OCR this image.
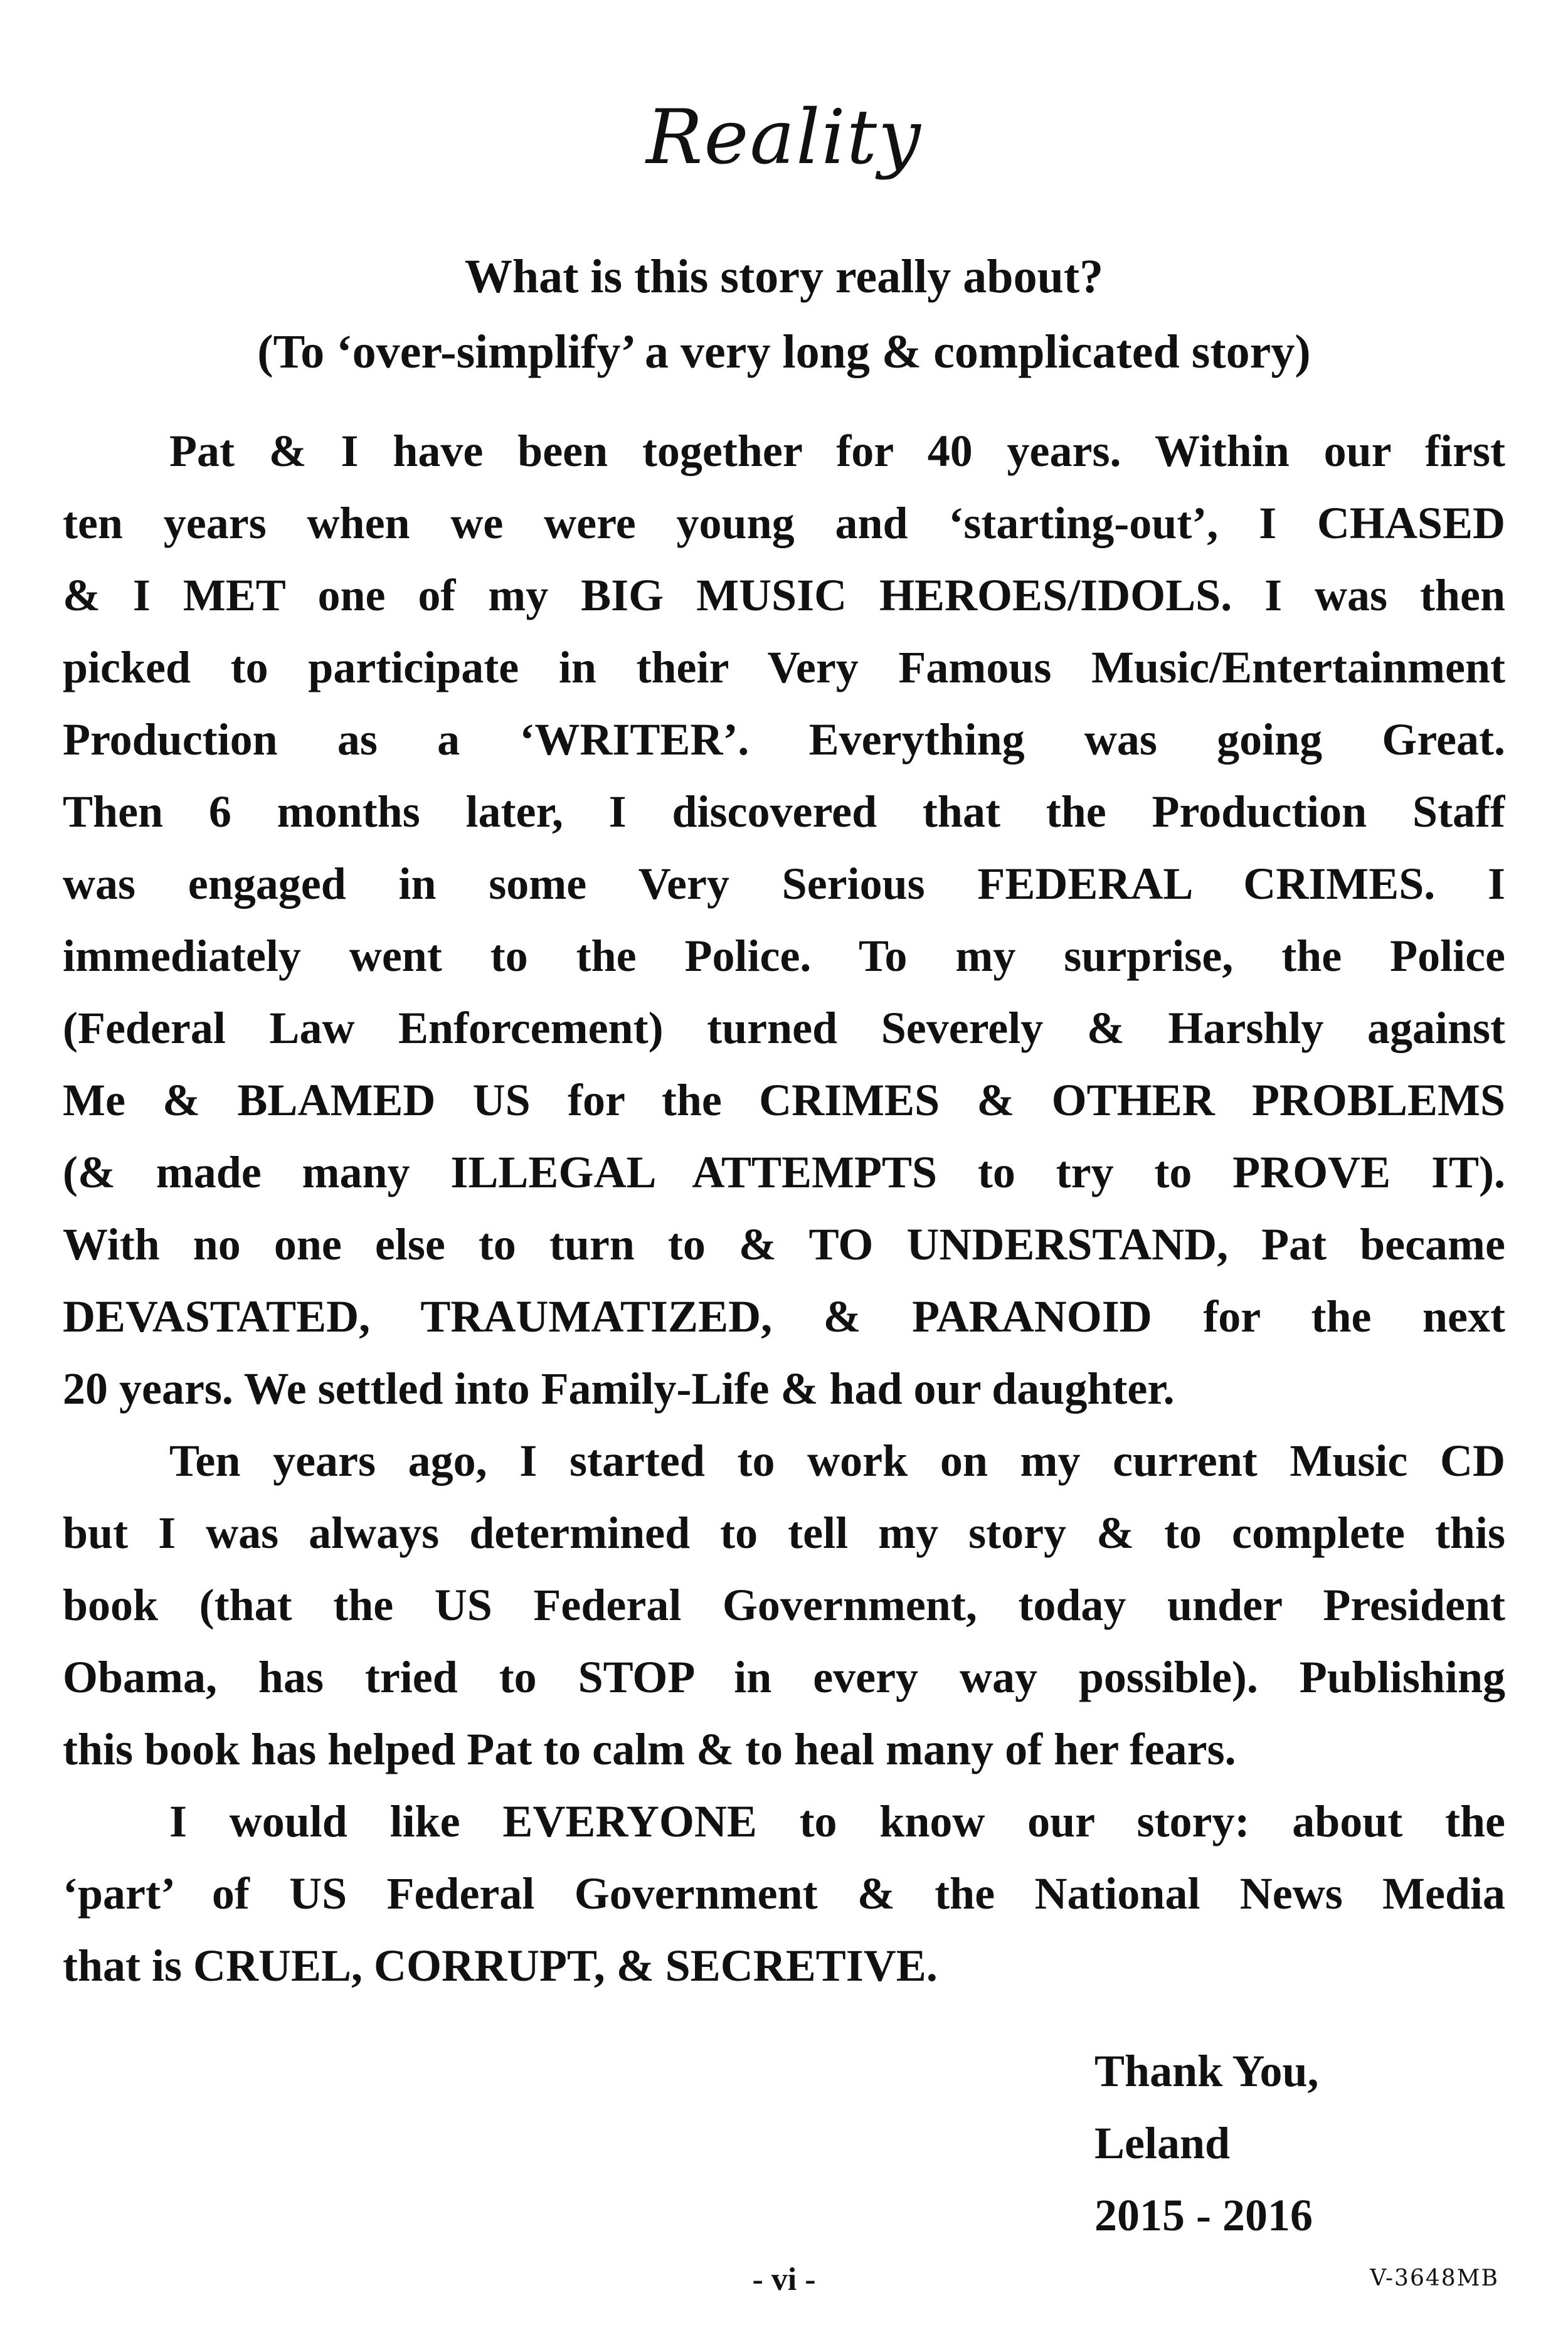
Reality
What is this story really about?
(To ‘over-simplify’ a very long & complicated story)
Pat & I have been together for 40 years. Within our first
ten years when we were young and ‘starting-out’, I CHASED
& I MET one of my BIG MUSIC HEROES/IDOLS. I was then
picked to participate in their Very Famous Music/Entertainment
Production as a ‘WRITER’. Everything was going Great.
Then 6 months later, I discovered that the Production Staff
was engaged in some Very Serious FEDERAL CRIMES. I
immediately went to the Police. To my surprise, the Police
(Federal Law Enforcement) turned Severely & Harshly against
Me & BLAMED US for the CRIMES & OTHER PROBLEMS
(& made many ILLEGAL ATTEMPTS to try to PROVE IT).
With no one else to turn to & TO UNDERSTAND, Pat became
DEVASTATED, TRAUMATIZED, & PARANOID for the next
20 years. We settled into Family-Life & had our daughter.
Ten years ago, I started to work on my current Music CD
but I was always determined to tell my story & to complete this
book (that the US Federal Government, today under President
Obama, has tried to STOP in every way possible). Publishing
this book has helped Pat to calm & to heal many of her fears.
I would like EVERYONE to know our story: about the
‘part’ of US Federal Government & the National News Media
that is CRUEL, CORRUPT, & SECRETIVE.
Thank You,
Leland
2015 - 2016
- vi -	V-3648MB
